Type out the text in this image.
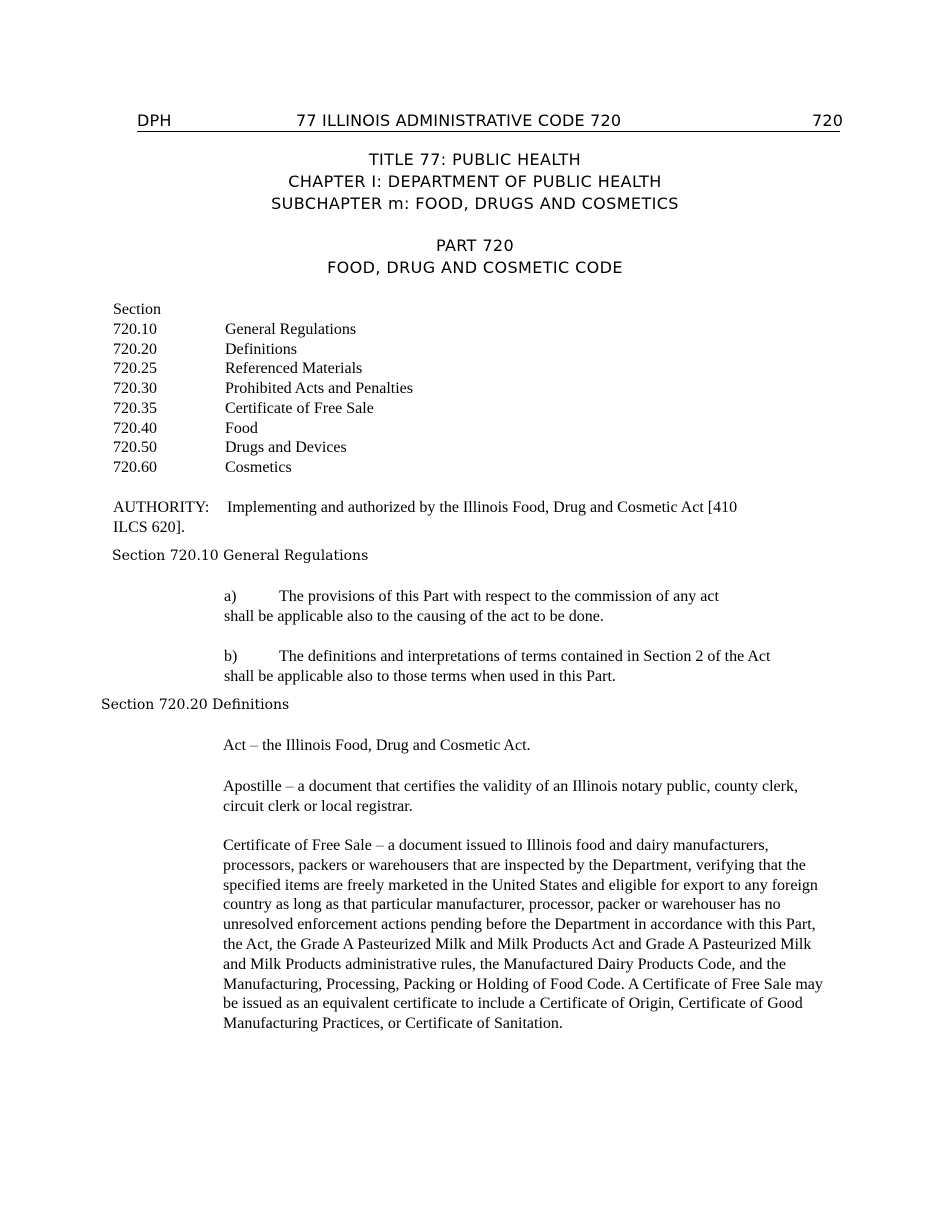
DPH	77 ILLINOIS ADMINISTRATIVE CODE 720	720
TITLE 77: PUBLIC HEALTH
CHAPTER I: DEPARTMENT OF PUBLIC HEALTH
SUBCHAPTER m: FOOD, DRUGS AND COSMETICS
PART 720
FOOD, DRUG AND COSMETIC CODE
Section
720.10	General Regulations
720.20	Definitions
720.25	Referenced Materials
720.30	Prohibited Acts and Penalties
720.35	Certificate of Free Sale
720.40	Food
720.50	Drugs and Devices
720.60	Cosmetics
AUTHORITY: Implementing and authorized by the Illinois Food, Drug and Cosmetic Act [410
ILCS 620].
Section 720.10 General Regulations
a)	The provisions of this Part with respect to the commission of any act
shall be applicable also to the causing of the act to be done.
b)	The definitions and interpretations of terms contained in Section 2 of the Act
shall be applicable also to those terms when used in this Part.
Section 720.20 Definitions
Act – the Illinois Food, Drug and Cosmetic Act.
Apostille – a document that certifies the validity of an Illinois notary public, county clerk, circuit clerk or local registrar.
Certificate of Free Sale – a document issued to Illinois food and dairy manufacturers, processors, packers or warehousers that are inspected by the Department, verifying that the specified items are freely marketed in the United States and eligible for export to any foreign country as long as that particular manufacturer, processor, packer or warehouser has no unresolved enforcement actions pending before the Department in accordance with this Part, the Act, the Grade A Pasteurized Milk and Milk Products Act and Grade A Pasteurized Milk and Milk Products administrative rules, the Manufactured Dairy Products Code, and the Manufacturing, Processing, Packing or Holding of Food Code. A Certificate of Free Sale may be issued as an equivalent certificate to include a Certificate of Origin, Certificate of Good Manufacturing Practices, or Certificate of Sanitation.
